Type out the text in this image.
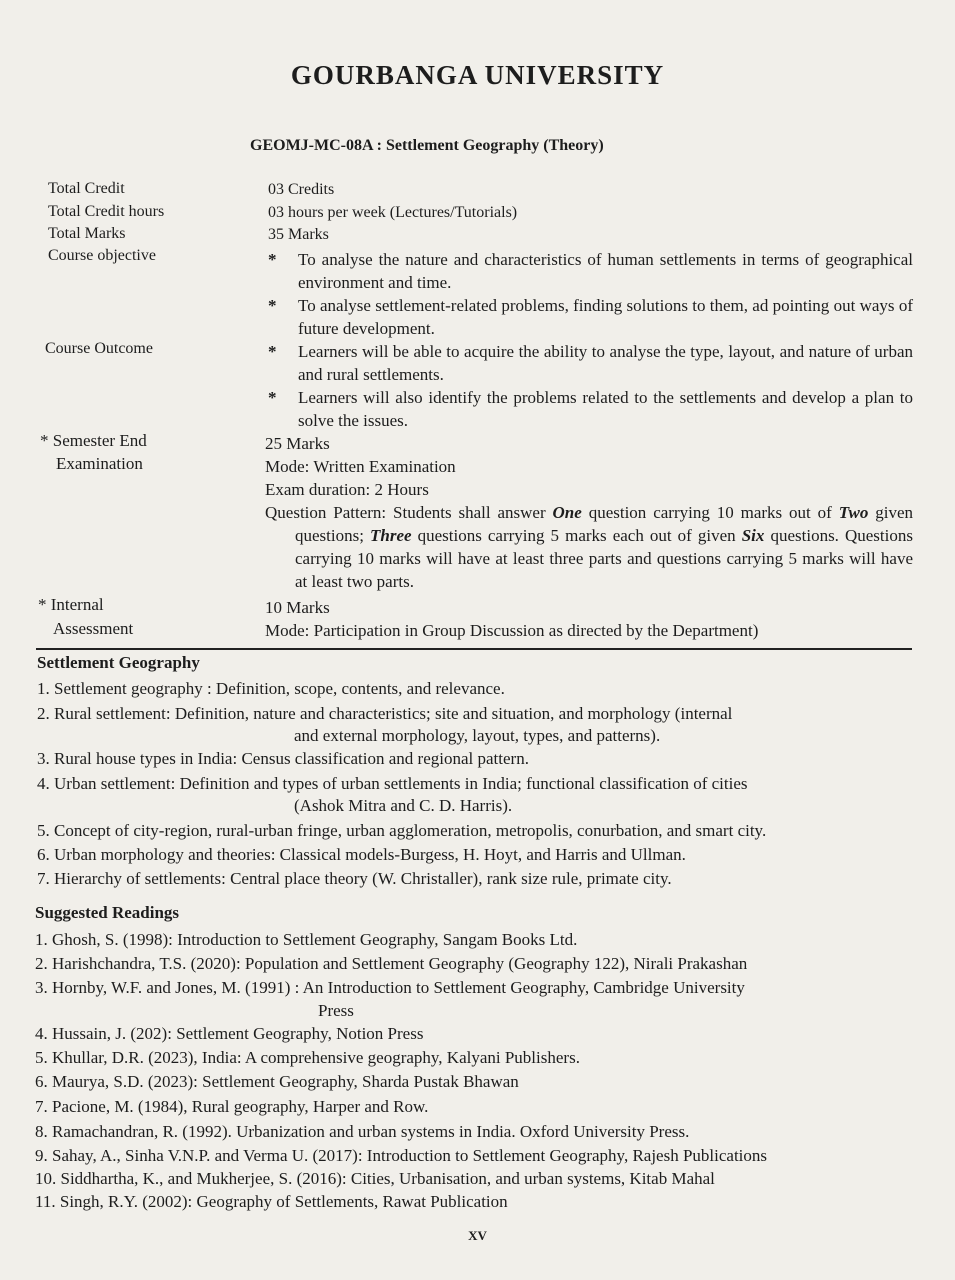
GOURBANGA UNIVERSITY
GEOMJ-MC-08A : Settlement Geography (Theory)
Total Credit
Total Credit hours
Total Marks
Course objective
Course Outcome
* Semester End
Examination
* Internal
Assessment
03 Credits
03 hours per week (Lectures/Tutorials)
35 Marks
* To analyse the nature and characteristics of human settlements in terms of geographical environment and time.
* To analyse settlement-related problems, finding solutions to them, ad pointing out ways of future development.
* Learners will be able to acquire the ability to analyse the type, layout, and nature of urban and rural settlements.
* Learners will also identify the problems related to the settlements and develop a plan to solve the issues.
25 Marks
Mode: Written Examination
Exam duration: 2 Hours
Question Pattern: Students shall answer One question carrying 10 marks out of Two given questions; Three questions carrying 5 marks each out of given Six questions. Questions carrying 10 marks will have at least three parts and questions carrying 5 marks will have at least two parts.
10 Marks
Mode: Participation in Group Discussion as directed by the Department)
Settlement Geography
1. Settlement geography : Definition, scope, contents, and relevance.
2. Rural settlement: Definition, nature and characteristics; site and situation, and morphology (internal
and external morphology, layout, types, and patterns).
3. Rural house types in India: Census classification and regional pattern.
4. Urban settlement: Definition and types of urban settlements in India; functional classification of cities
(Ashok Mitra and C. D. Harris).
5. Concept of city-region, rural-urban fringe, urban agglomeration, metropolis, conurbation, and smart city.
6. Urban morphology and theories: Classical models-Burgess, H. Hoyt, and Harris and Ullman.
7. Hierarchy of settlements: Central place theory (W. Christaller), rank size rule, primate city.
Suggested Readings
1. Ghosh, S. (1998): Introduction to Settlement Geography, Sangam Books Ltd.
2. Harishchandra, T.S. (2020): Population and Settlement Geography (Geography 122), Nirali Prakashan
3. Hornby, W.F. and Jones, M. (1991) : An Introduction to Settlement Geography, Cambridge University
Press
4. Hussain, J. (202): Settlement Geography, Notion Press
5. Khullar, D.R. (2023), India: A comprehensive geography, Kalyani Publishers.
6. Maurya, S.D. (2023): Settlement Geography, Sharda Pustak Bhawan
7. Pacione, M. (1984), Rural geography, Harper and Row.
8. Ramachandran, R. (1992). Urbanization and urban systems in India. Oxford University Press.
9. Sahay, A., Sinha V.N.P. and Verma U. (2017): Introduction to Settlement Geography, Rajesh Publications
10. Siddhartha, K., and Mukherjee, S. (2016): Cities, Urbanisation, and urban systems, Kitab Mahal
11. Singh, R.Y. (2002): Geography of Settlements, Rawat Publication
XV
